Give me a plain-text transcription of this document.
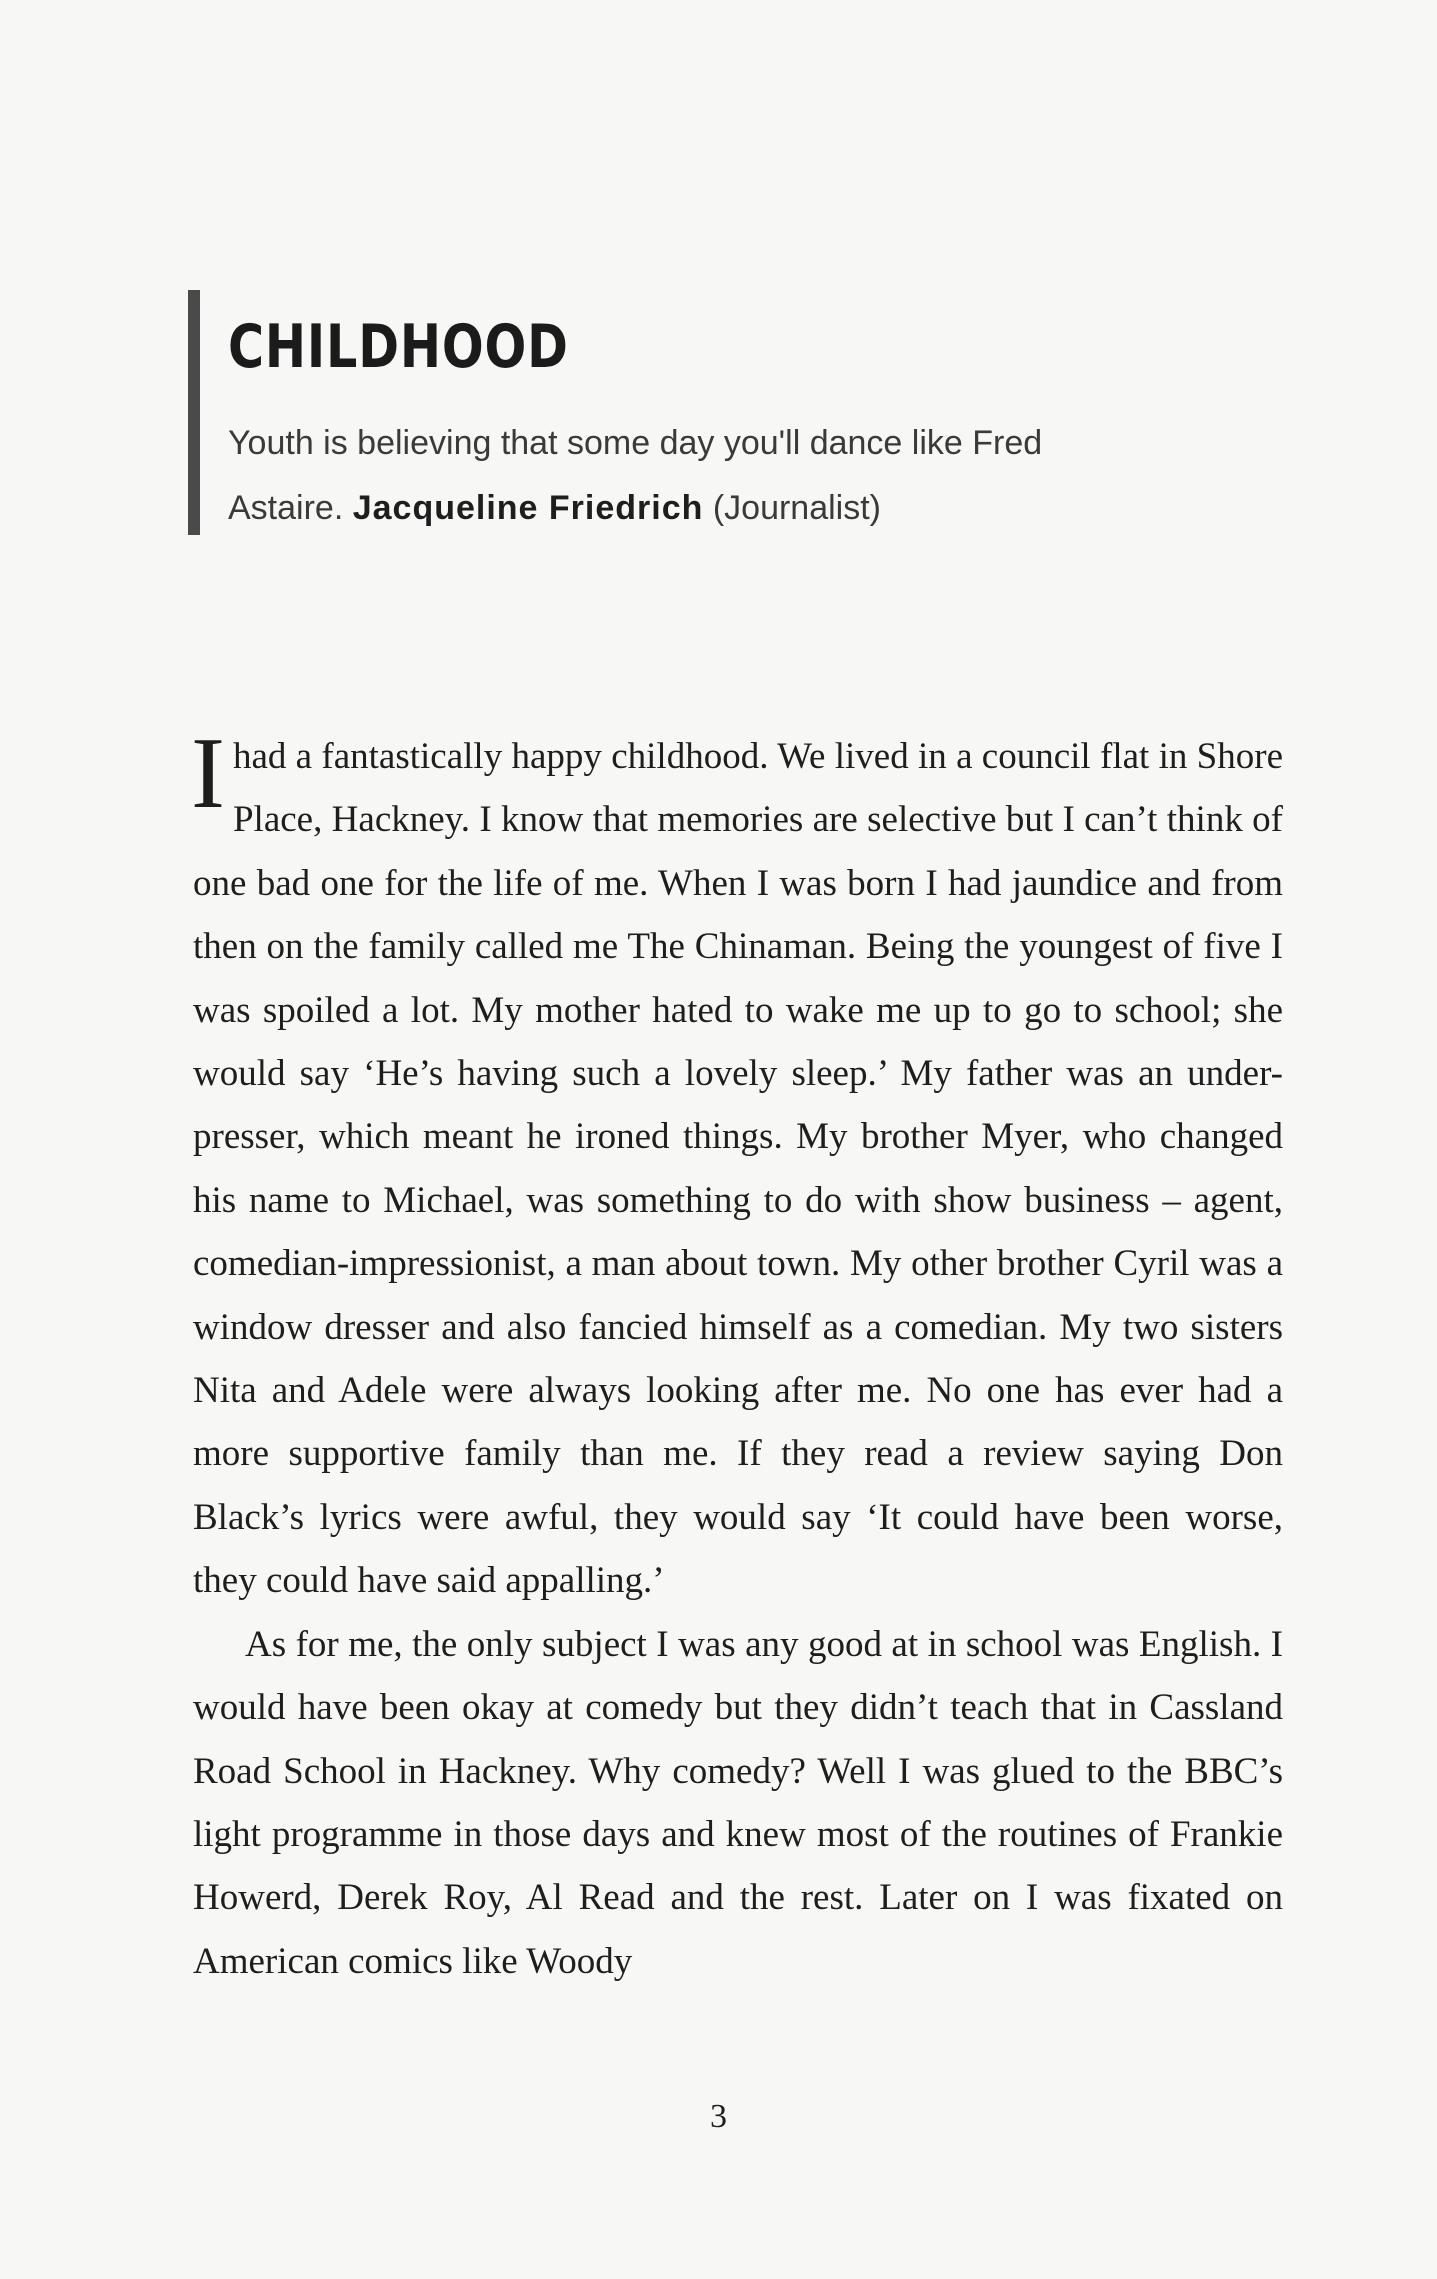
CHILDHOOD
Youth is believing that some day you'll dance like Fred Astaire. Jacqueline Friedrich (Journalist)

Ihad a fantastically happy childhood. We lived in a council flat in Shore Place, Hackney. I know that memories are selective but I can’t think of one bad one for the life of me. When I was born I had jaundice and from then on the family called me The Chinaman. Being the youngest of five I was spoiled a lot. My mother hated to wake me up to go to school; she would say ‘He’s having such a lovely sleep.’ My father was an under-presser, which meant he ironed things. My brother Myer, who changed his name to Michael, was something to do with show business – agent, comedian-impressionist, a man about town. My other brother Cyril was a window dresser and also fancied himself as a comedian. My two sisters Nita and Adele were always looking after me. No one has ever had a more supportive family than me. If they read a review saying Don Black’s lyrics were awful, they would say ‘It could have been worse, they could have said appalling.’

As for me, the only subject I was any good at in school was English. I would have been okay at comedy but they didn’t teach that in Cassland Road School in Hackney. Why comedy? Well I was glued to the BBC’s light programme in those days and knew most of the routines of Frankie Howerd, Derek Roy, Al Read and the rest. Later on I was fixated on American comics like Woody

3
